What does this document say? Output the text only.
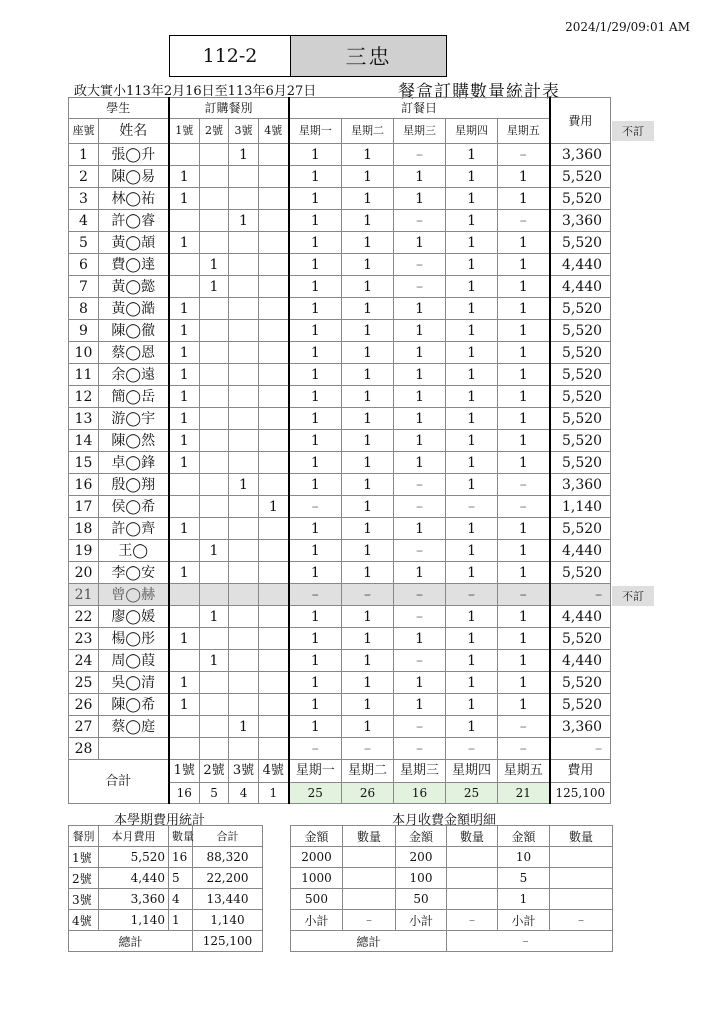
2024/1/29/09:01 AM
112-2	三忠
政大實小113年2月16日至113年6月27日	餐盒訂購數量統計表
學生		訂購餐別				訂餐日					費用
座號	姓名	1號	2號	3號	4號	星期一	星期二	星期三	星期四	星期五	
1	張◯升			1		1	1	–	1	–	3,360
2	陳◯易	1				1	1	1	1	1	5,520
3	林◯祐	1				1	1	1	1	1	5,520
4	許◯睿			1		1	1	–	1	–	3,360
5	黃◯頡	1				1	1	1	1	1	5,520
6	費◯達		1			1	1	–	1	1	4,440
7	黃◯懿		1			1	1	–	1	1	4,440
8	黃◯澔	1				1	1	1	1	1	5,520
9	陳◯徹	1				1	1	1	1	1	5,520
10	蔡◯恩	1				1	1	1	1	1	5,520
11	余◯遠	1				1	1	1	1	1	5,520
12	簡◯岳	1				1	1	1	1	1	5,520
13	游◯宇	1				1	1	1	1	1	5,520
14	陳◯然	1				1	1	1	1	1	5,520
15	卓◯鋒	1				1	1	1	1	1	5,520
16	殷◯翔			1		1	1	–	1	–	3,360
17	侯◯希				1	–	1	–	–	–	1,140
18	許◯齊	1				1	1	1	1	1	5,520
19	王◯		1			1	1	–	1	1	4,440
20	李◯安	1				1	1	1	1	1	5,520
21	曾◯赫					–	–	–	–	–	–
22	廖◯媛		1			1	1	–	1	1	4,440
23	楊◯彤	1				1	1	1	1	1	5,520
24	周◯葭		1			1	1	–	1	1	4,440
25	吳◯清	1				1	1	1	1	1	5,520
26	陳◯希	1				1	1	1	1	1	5,520
27	蔡◯庭			1		1	1	–	1	–	3,360
28						–	–	–	–	–	–
合計		1號	2號	3號	4號	星期一	星期二	星期三	星期四	星期五	費用
		16	5	4	1	25	26	16	25	21	125,100
不訂
不訂
本學期費用統計	本月收費金額明細
餐別	本月費用	數量	合計
1號	5,520	16	88,320
2號	4,440	5	22,200
3號	3,360	4	13,440
4號	1,140	1	1,140
總計			125,100
金額	數量	金額	數量	金額	數量
2000		200		10	
1000		100		5	
500		50		1	
小計	–	小計	–	小計	–
總計			–		
